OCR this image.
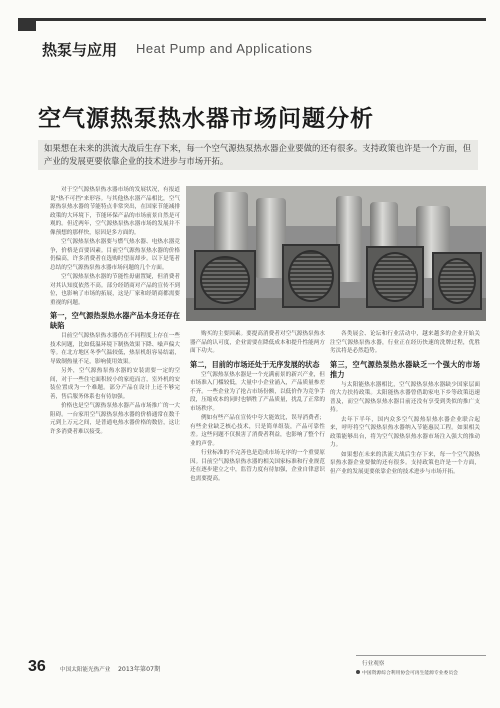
热泵与应用 Heat Pump and Applications
空气源热泵热水器市场问题分析
如果想在未来的洪流大战后生存下来，每一个空气源热泵热水器企业要做的还有很多。支持政策也许是一个方面，但产业的发展更要依靠企业的技术进步与市场开拓。

对于空气源热泵热水器市场的发展状况，有报道说"热不可挡"来形容。与其他热水器产品相比，空气源热泵热水器的节能特点非常突出，在国家节能减排政策的大环境下，节能环保产品的市场前景自然是可观的。但近两年，空气源热泵热水器市场的发展并不像预想的那样快，原因是多方面的。

空气源热泵热水器要与燃气热水器、电热水器竞争，价格是首要因素。目前空气源热泵热水器的价格仍偏高，许多消费者在选购时望而却步。以下是笔者总结的空气源热泵热水器市场问题的几个方面。

空气源热泵热水器的节能性毋庸置疑，但消费者对其认知度依然不高。部分经销商对产品的宣传不到位，也影响了市场的拓展，这是厂家和经销商都需要重视的问题。

第一，空气源热泵热水器产品本身还存在缺陷

目前空气源热泵热水器仍在不同程度上存在一些技术问题，比如低温环境下制热效果下降、噪声偏大等。在北方地区冬季气温较低，热泵机组容易结霜，导致制热量不足，影响使用效果。

另外，空气源热泵热水器的安装需要一定的空间，对于一些住宅面积较小的家庭而言，室外机的安装位置成为一个难题。部分产品在设计上还不够完善，售后服务体系也有待加强。

价格也是空气源热泵热水器产品市场推广的一大阻碍。一台家用空气源热泵热水器的价格通常在数千元到上万元之间，是普通电热水器价格的数倍，这让许多消费者难以接受。

购买的主要因素。要提高消费者对空气源热泵热水器产品的认可度，企业需要在降低成本和提升性能两方面下功夫。

第二，目前的市场还处于无序发展的状态

空气源热泵热水器是一个充满前景的新兴产业，但市场准入门槛较低，大量中小企业涌入，产品质量参差不齐。一些企业为了抢占市场份额，以低价作为竞争手段，压缩成本的同时也牺牲了产品质量，扰乱了正常的市场秩序。

例如有些产品在宣传中夸大能效比，误导消费者；有些企业缺乏核心技术，只是简单组装，产品可靠性差。这些问题不仅损害了消费者利益，也影响了整个行业的声誉。

行业标准的不完善也是造成市场无序的一个重要原因。目前空气源热泵热水器的相关国家标准和行业规范还在逐步建立之中，监管力度有待加强，企业自律意识也需要提高。

各类展会、论坛和行业活动中，越来越多的企业开始关注空气源热泵热水器，行业正在经历快速的洗牌过程，优胜劣汰将是必然趋势。

第三，空气源热泵热水器缺乏一个强大的市场推力

与太阳能热水器相比，空气源热泵热水器缺少国家层面的大力扶持政策。太阳能热水器曾借助家电下乡等政策迅速普及，而空气源热泵热水器目前还没有享受到类似的推广支持。

去年下半年，国内众多空气源热泵热水器企业联合起来，呼吁将空气源热泵热水器纳入节能惠民工程。如果相关政策能够出台，将为空气源热泵热水器市场注入强大的推动力。

如果想在未来的洪流大战后生存下来，每一个空气源热泵热水器企业要做的还有很多。支持政策也许是一个方面，但产业的发展更要依靠企业的技术进步与市场开拓。

36	中国太阳能光热产业 2013年第07期
行业观察
中国资源综合利用协会可再生能源专业委员会
